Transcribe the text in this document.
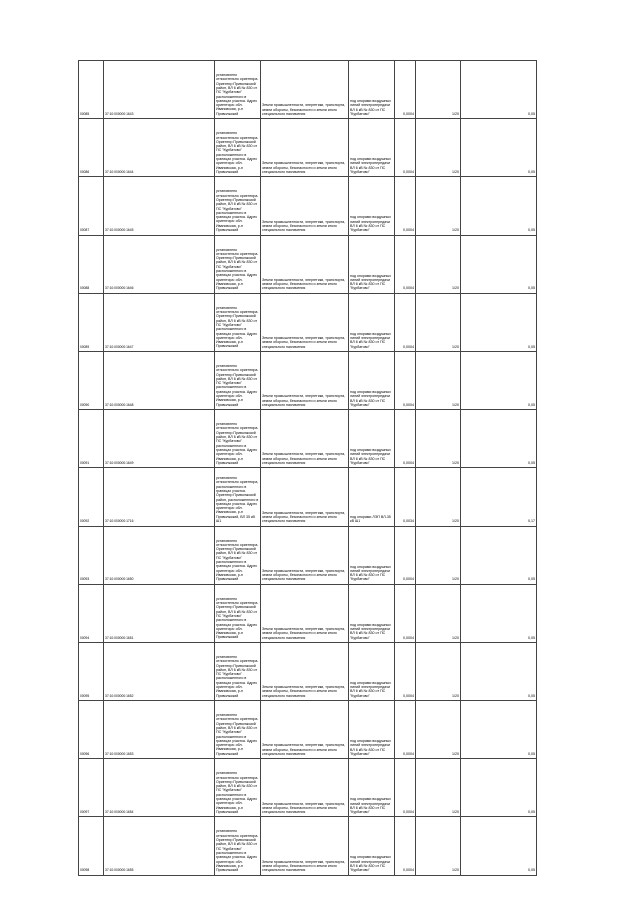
00085	37:10:000000:1643	установлено относительно ориентира. Ориентир Приволжский район, ВЛ 6 кВ № 830 от ПС "Курбатово" расположенного в границах участка. Адрес ориентира: обл. Ивановская, р-н Приволжский	Земли промышленности, энергетики, транспорта, земли обороны, безопасности и земли иного специального назначения	под опорами воздушных линий электропередачи ВЛ 6 кВ № 830 от ПС "Курбатово"	0,0004	1/20	0,05
00086	37:10:000000:1644	установлено относительно ориентира. Ориентир Приволжский район, ВЛ 6 кВ № 830 от ПС "Курбатово" расположенного в границах участка. Адрес ориентира: обл. Ивановская, р-н Приволжский	Земли промышленности, энергетики, транспорта, земли обороны, безопасности и земли иного специального назначения	под опорами воздушных линий электропередачи ВЛ 6 кВ № 830 от ПС "Курбатово"	0,0004	1/20	0,05
00087	37:10:000000:1645	установлено относительно ориентира. Ориентир Приволжский район, ВЛ 6 кВ № 830 от ПС "Курбатово" расположенного в границах участка. Адрес ориентира: обл. Ивановская, р-н Приволжский	Земли промышленности, энергетики, транспорта, земли обороны, безопасности и земли иного специального назначения	под опорами воздушных линий электропередачи ВЛ 6 кВ № 830 от ПС "Курбатово"	0,0004	1/20	0,05
00088	37:10:000000:1646	установлено относительно ориентира. Ориентир Приволжский район, ВЛ 6 кВ № 830 от ПС "Курбатово" расположенного в границах участка. Адрес ориентира: обл. Ивановская, р-н Приволжский	Земли промышленности, энергетики, транспорта, земли обороны, безопасности и земли иного специального назначения	под опорами воздушных линий электропередачи ВЛ 6 кВ № 830 от ПС "Курбатово"	0,0004	1/20	0,05
00089	37:10:000000:1647	установлено относительно ориентира. Ориентир Приволжский район, ВЛ 6 кВ № 830 от ПС "Курбатово" расположенного в границах участка. Адрес ориентира: обл. Ивановская, р-н Приволжский	Земли промышленности, энергетики, транспорта, земли обороны, безопасности и земли иного специального назначения	под опорами воздушных линий электропередачи ВЛ 6 кВ № 830 от ПС "Курбатово"	0,0004	1/20	0,05
00090	37:10:000000:1648	установлено относительно ориентира. Ориентир Приволжский район, ВЛ 6 кВ № 830 от ПС "Курбатово" расположенного в границах участка. Адрес ориентира: обл. Ивановская, р-н Приволжский	Земли промышленности, энергетики, транспорта, земли обороны, безопасности и земли иного специального назначения	под опорами воздушных линий электропередачи ВЛ 6 кВ № 830 от ПС "Курбатово"	0,0004	1/20	0,05
00091	37:10:000000:1649	установлено относительно ориентира. Ориентир Приволжский район, ВЛ 6 кВ № 830 от ПС "Курбатово" расположенного в границах участка. Адрес ориентира: обл. Ивановская, р-н Приволжский	Земли промышленности, энергетики, транспорта, земли обороны, безопасности и земли иного специального назначения	под опорами воздушных линий электропередачи ВЛ 6 кВ № 830 от ПС "Курбатово"	0,0004	1/20	0,05
00092	37:10:000000:1716	установлено относительно ориентира, расположенного в границах участка. Ориентир Приволжский район, расположенного в границах участка. Адрес ориентира: обл. Ивановская, р-н Приволжский, ВЛ 35 кВ Ш1	Земли промышленности, энергетики, транспорта, земли обороны, безопасности и земли иного специального назначения	под опорами ЛЭП ВЛ-35 кВ Ш1	0,0034	1/20	0,17
00093	37:10:000000:1650	установлено относительно ориентира. Ориентир Приволжский район, ВЛ 6 кВ № 830 от ПС "Курбатово" расположенного в границах участка. Адрес ориентира: обл. Ивановская, р-н Приволжский	Земли промышленности, энергетики, транспорта, земли обороны, безопасности и земли иного специального назначения	под опорами воздушных линий электропередачи ВЛ 6 кВ № 830 от ПС "Курбатово"	0,0004	1/20	0,05
00094	37:10:000000:1651	установлено относительно ориентира. Ориентир Приволжский район, ВЛ 6 кВ № 830 от ПС "Курбатово" расположенного в границах участка. Адрес ориентира: обл. Ивановская, р-н Приволжский	Земли промышленности, энергетики, транспорта, земли обороны, безопасности и земли иного специального назначения	под опорами воздушных линий электропередачи ВЛ 6 кВ № 830 от ПС "Курбатово"	0,0004	1/20	0,05
00095	37:10:000000:1652	установлено относительно ориентира. Ориентир Приволжский район, ВЛ 6 кВ № 830 от ПС "Курбатово" расположенного в границах участка. Адрес ориентира: обл. Ивановская, р-н Приволжский	Земли промышленности, энергетики, транспорта, земли обороны, безопасности и земли иного специального назначения	под опорами воздушных линий электропередачи ВЛ 6 кВ № 830 от ПС "Курбатово"	0,0004	1/20	0,05
00096	37:10:000000:1653	установлено относительно ориентира. Ориентир Приволжский район, ВЛ 6 кВ № 830 от ПС "Курбатово" расположенного в границах участка. Адрес ориентира: обл. Ивановская, р-н Приволжский	Земли промышленности, энергетики, транспорта, земли обороны, безопасности и земли иного специального назначения	под опорами воздушных линий электропередачи ВЛ 6 кВ № 830 от ПС "Курбатово"	0,0004	1/20	0,05
00097	37:10:000000:1654	установлено относительно ориентира. Ориентир Приволжский район, ВЛ 6 кВ № 830 от ПС "Курбатово" расположенного в границах участка. Адрес ориентира: обл. Ивановская, р-н Приволжский	Земли промышленности, энергетики, транспорта, земли обороны, безопасности и земли иного специального назначения	под опорами воздушных линий электропередачи ВЛ 6 кВ № 830 от ПС "Курбатово"	0,0004	1/20	0,05
00098	37:10:000000:1655	установлено относительно ориентира. Ориентир Приволжский район, ВЛ 6 кВ № 830 от ПС "Курбатово" расположенного в границах участка. Адрес ориентира: обл. Ивановская, р-н Приволжский	Земли промышленности, энергетики, транспорта, земли обороны, безопасности и земли иного специального назначения	под опорами воздушных линий электропередачи ВЛ 6 кВ № 830 от ПС "Курбатово"	0,0004	1/20	0,05
